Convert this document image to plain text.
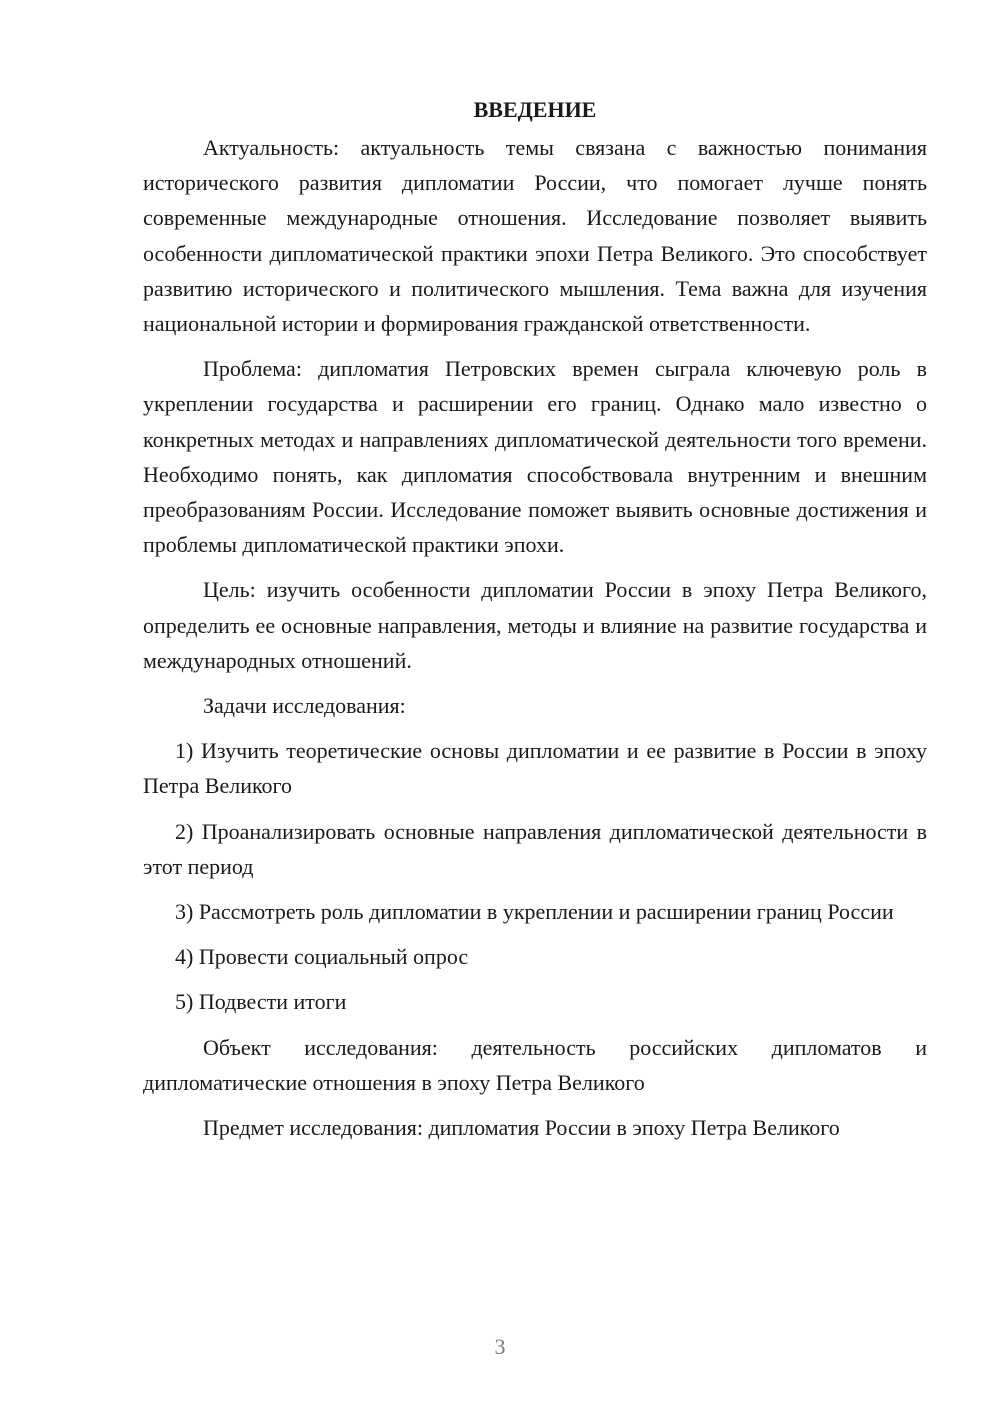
ВВЕДЕНИЕ

Актуальность: актуальность темы связана с важностью понимания исторического развития дипломатии России, что помогает лучше понять современные международные отношения. Исследование позволяет выявить особенности дипломатической практики эпохи Петра Великого. Это способствует развитию исторического и политического мышления. Тема важна для изучения национальной истории и формирования гражданской ответственности.

Проблема: дипломатия Петровских времен сыграла ключевую роль в укреплении государства и расширении его границ. Однако мало известно о конкретных методах и направлениях дипломатической деятельности того времени. Необходимо понять, как дипломатия способствовала внутренним и внешним преобразованиям России. Исследование поможет выявить основные достижения и проблемы дипломатической практики эпохи.

Цель: изучить особенности дипломатии России в эпоху Петра Великого, определить ее основные направления, методы и влияние на развитие государства и международных отношений.

Задачи исследования:

1) Изучить теоретические основы дипломатии и ее развитие в России в эпоху Петра Великого

2) Проанализировать основные направления дипломатической деятельности в этот период

3) Рассмотреть роль дипломатии в укреплении и расширении границ России

4) Провести социальный опрос

5) Подвести итоги

Объект исследования: деятельность российских дипломатов и дипломатические отношения в эпоху Петра Великого

Предмет исследования: дипломатия России в эпоху Петра Великого

3
